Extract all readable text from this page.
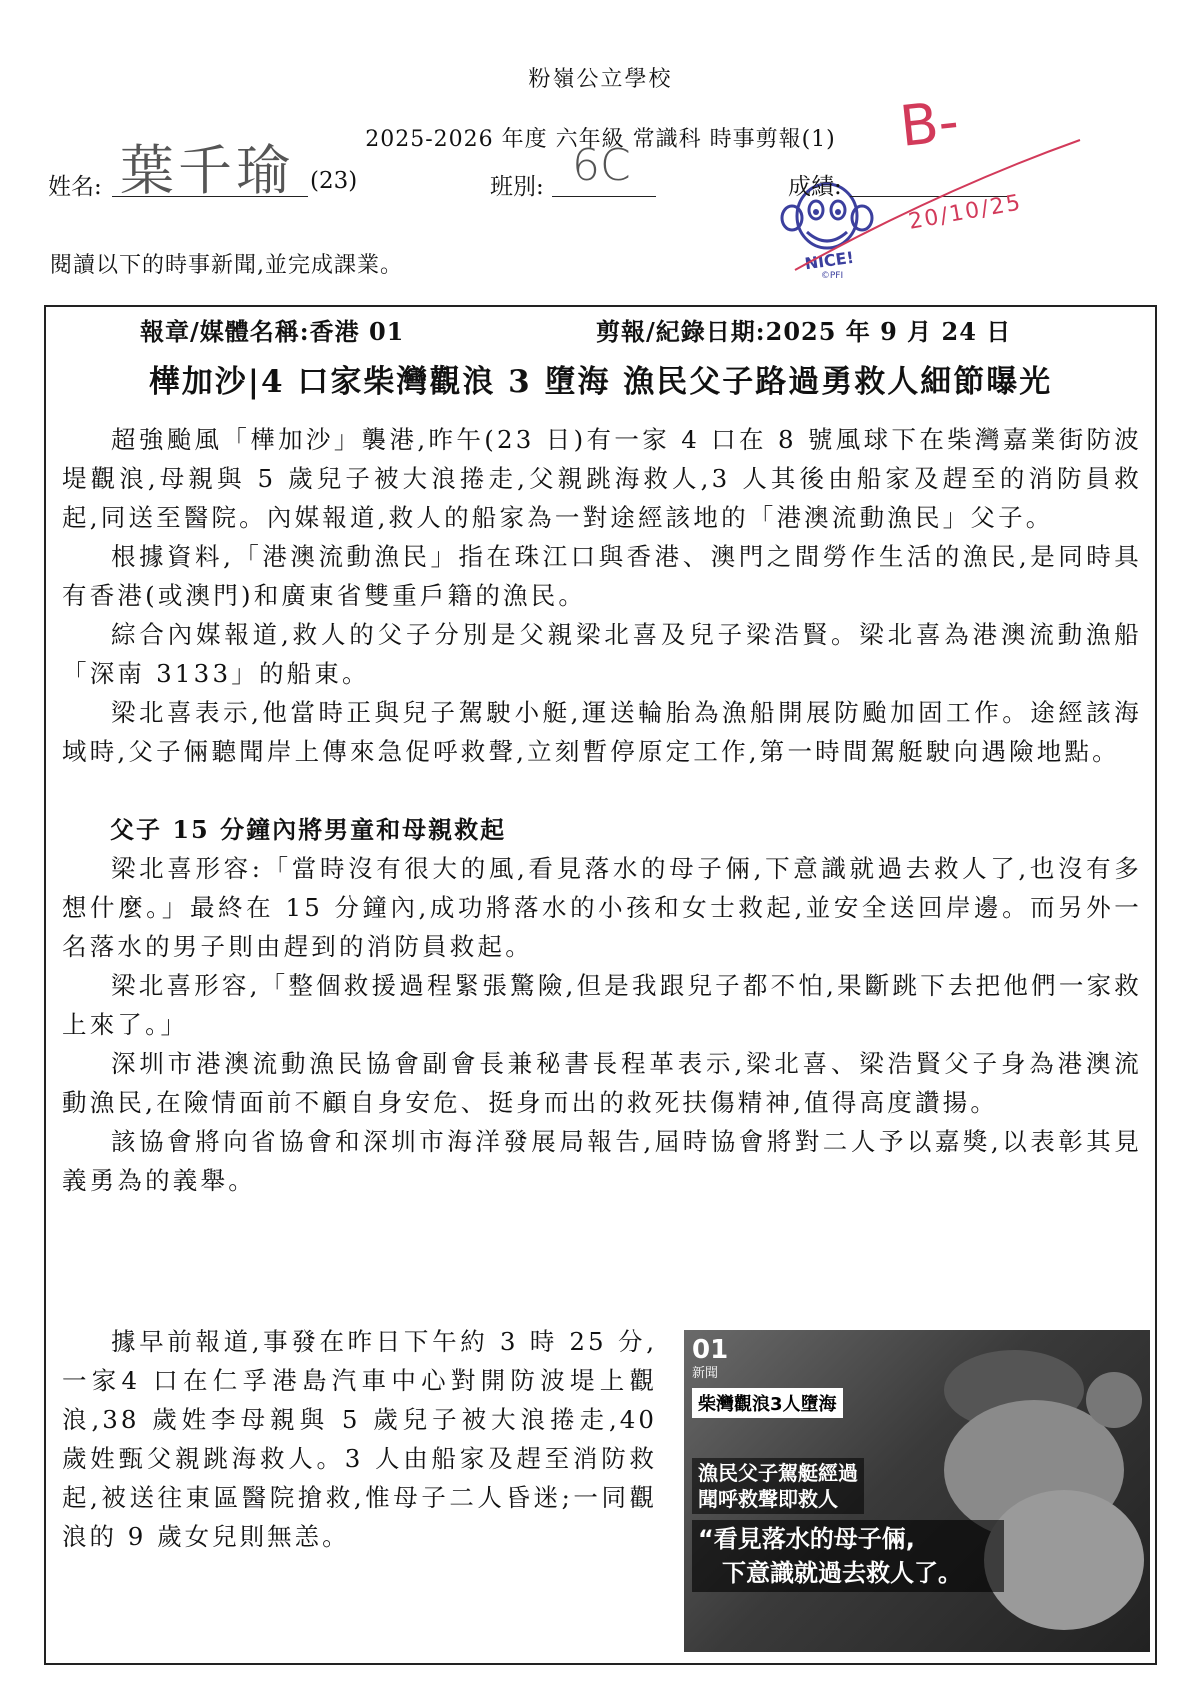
粉嶺公立學校
2025-2026 年度 六年級 常識科 時事剪報(1)
姓名: 葉千瑜 (23)	班別: 6C
NICE!
©PFI
成績:
B-
20/10/25
閱讀以下的時事新聞,並完成課業。
報章/媒體名稱:香港 01	剪報/紀錄日期:2025 年 9 月 24 日
樺加沙|4 口家柴灣觀浪 3 墮海 漁民父子路過勇救人細節曝光

超強颱風「樺加沙」襲港,昨午(23 日)有一家 4 口在 8 號風球下在柴灣嘉業街防波堤觀浪,母親與 5 歲兒子被大浪捲走,父親跳海救人,3 人其後由船家及趕至的消防員救起,同送至醫院。內媒報道,救人的船家為一對途經該地的「港澳流動漁民」父子。

根據資料,「港澳流動漁民」指在珠江口與香港、澳門之間勞作生活的漁民,是同時具有香港(或澳門)和廣東省雙重戶籍的漁民。

綜合內媒報道,救人的父子分別是父親梁北喜及兒子梁浩賢。梁北喜為港澳流動漁船「深南 3133」的船東。

梁北喜表示,他當時正與兒子駕駛小艇,運送輪胎為漁船開展防颱加固工作。途經該海域時,父子倆聽聞岸上傳來急促呼救聲,立刻暫停原定工作,第一時間駕艇駛向遇險地點。

父子 15 分鐘內將男童和母親救起

梁北喜形容:「當時沒有很大的風,看見落水的母子倆,下意識就過去救人了,也沒有多想什麼。」最終在 15 分鐘內,成功將落水的小孩和女士救起,並安全送回岸邊。而另外一名落水的男子則由趕到的消防員救起。

梁北喜形容,「整個救援過程緊張驚險,但是我跟兒子都不怕,果斷跳下去把他們一家救上來了。」

深圳市港澳流動漁民協會副會長兼秘書長程革表示,梁北喜、梁浩賢父子身為港澳流動漁民,在險情面前不顧自身安危、挺身而出的救死扶傷精神,值得高度讚揚。

該協會將向省協會和深圳市海洋發展局報告,屆時協會將對二人予以嘉獎,以表彰其見義勇為的義舉。

據早前報道,事發在昨日下午約 3 時 25 分,一家4 口在仁孚港島汽車中心對開防波堤上觀浪,38 歲姓李母親與 5 歲兒子被大浪捲走,40 歲姓甄父親跳海救人。3 人由船家及趕至消防救起,被送往東區醫院搶救,惟母子二人昏迷;一同觀浪的 9 歲女兒則無恙。

01
新聞
柴灣觀浪3人墮海
漁民父子駕艇經過
聞呼救聲即救人
“看見落水的母子倆,
下意識就過去救人了。
